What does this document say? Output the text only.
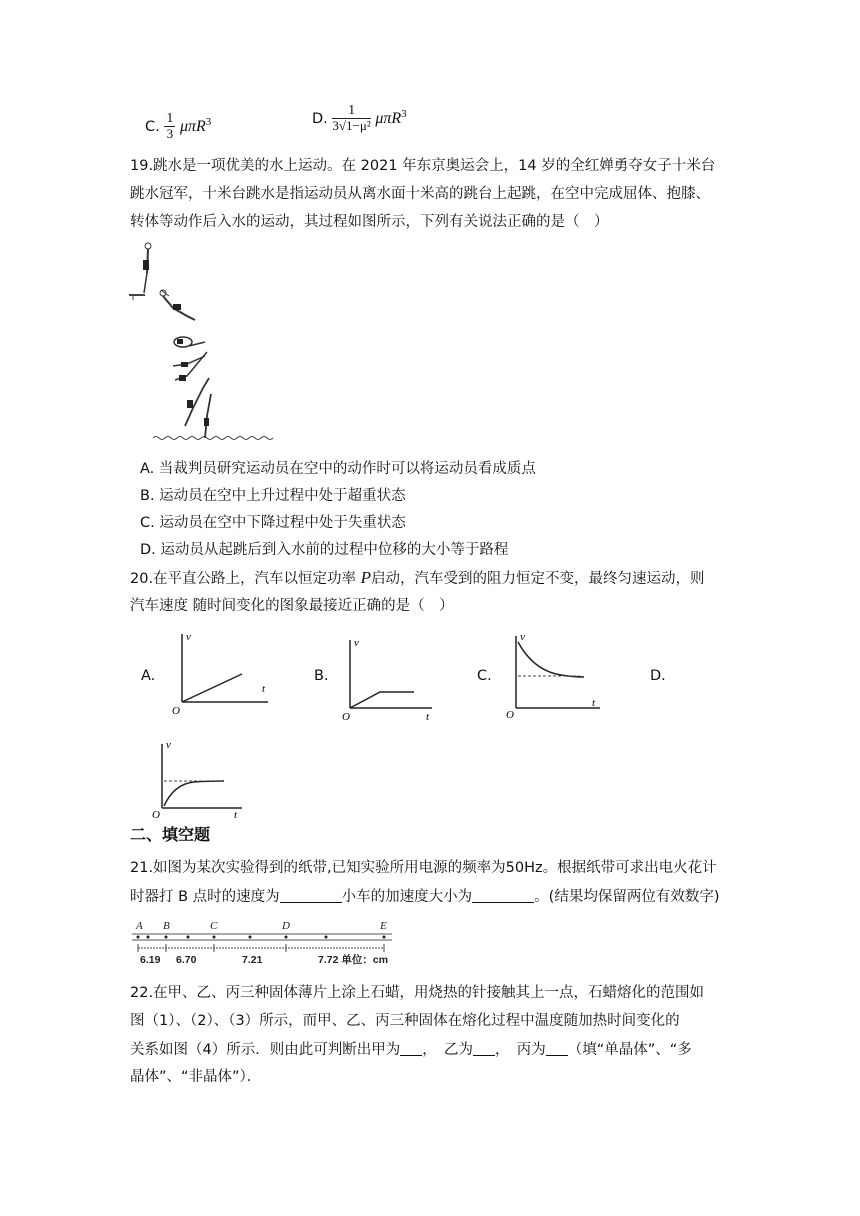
C. $\frac{1}{3} \mu\pi R^3$	D. $\frac{1}{\text{3√1−μ²}} \mu\pi R^3$
19.跳水是一项优美的水上运动。在 2021 年东京奥运会上，14 岁的全红婵勇夺女子十米台
跳水冠军，十米台跳水是指运动员从离水面十米高的跳台上起跳，在空中完成屈体、抱膝、
转体等动作后入水的运动，其过程如图所示，下列有关说法正确的是（　）
A. 当裁判员研究运动员在空中的动作时可以将运动员看成质点
B. 运动员在空中上升过程中处于超重状态
C. 运动员在空中下降过程中处于失重状态
D. 运动员从起跳后到入水前的过程中位移的大小等于路程
20.在平直公路上，汽车以恒定功率 P启动，汽车受到的阻力恒定不变，最终匀速运动，则
汽车速度 随时间变化的图象最接近正确的是（　）
A.	B.	C.	D.
v
t
O
v
t
O
v
t
O
v
t
O
二、填空题
21.如图为某次实验得到的纸带,已知实验所用电源的频率为50Hz。根据纸带可求出电火花计
时器打 B 点时的速度为	小车的加速度大小为	。(结果均保留两位有效数字)
A B	C	D	E
6.19 6.70	7.21	7.72 单位：cm
22.在甲、乙、丙三种固体薄片上涂上石蜡，用烧热的针接触其上一点，石蜡熔化的范围如
图（1）、（2）、（3）所示，而甲、乙、丙三种固体在熔化过程中温度随加热时间变化的
关系如图（4）所示．则由此可判断出甲为 ，　乙为 ，　丙为 （填“单晶体”、“多
晶体”、“非晶体”）．
